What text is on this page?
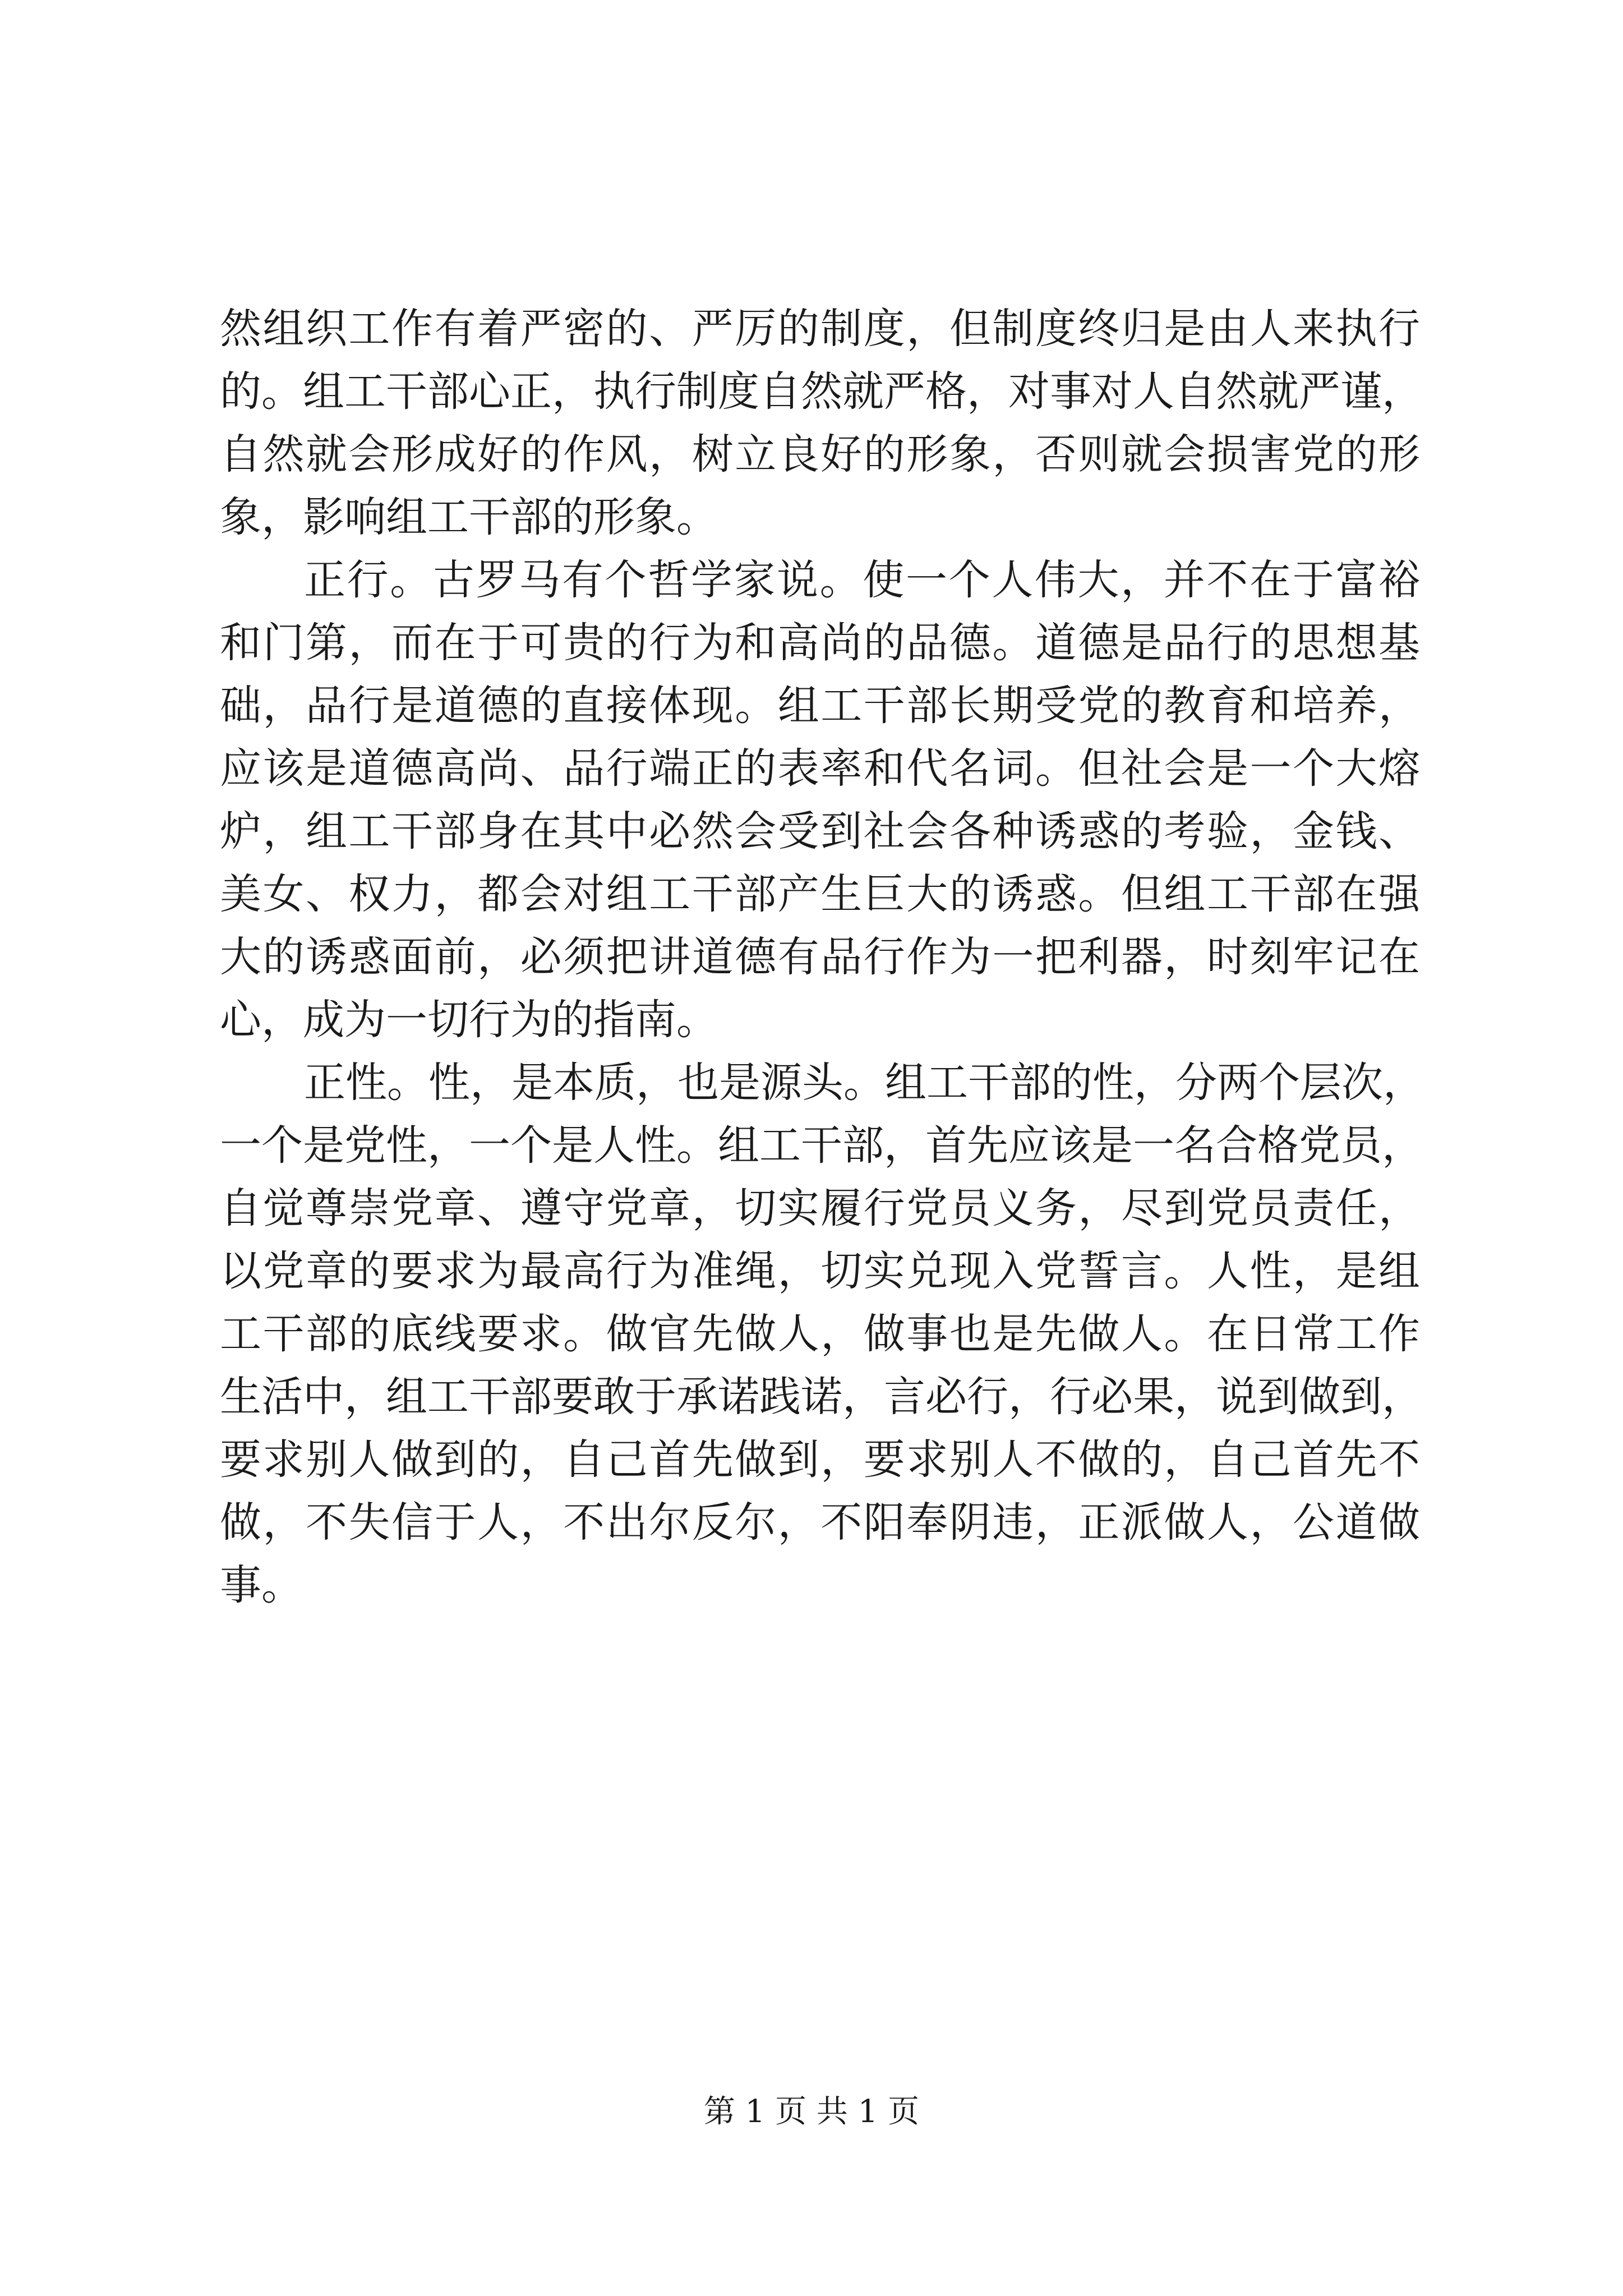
然组织工作有着严密的、严厉的制度，但制度终归是由人来执行
的。组工干部心正，执行制度自然就严格，对事对人自然就严谨，
自然就会形成好的作风，树立良好的形象，否则就会损害党的形
象，影响组工干部的形象。
正行。古罗马有个哲学家说。使一个人伟大，并不在于富裕
和门第，而在于可贵的行为和高尚的品德。道德是品行的思想基
础，品行是道德的直接体现。组工干部长期受党的教育和培养，
应该是道德高尚、品行端正的表率和代名词。但社会是一个大熔
炉，组工干部身在其中必然会受到社会各种诱惑的考验，金钱、
美女、权力，都会对组工干部产生巨大的诱惑。但组工干部在强
大的诱惑面前，必须把讲道德有品行作为一把利器，时刻牢记在
心，成为一切行为的指南。
正性。性，是本质，也是源头。组工干部的性，分两个层次，
一个是党性，一个是人性。组工干部，首先应该是一名合格党员，
自觉尊崇党章、遵守党章，切实履行党员义务，尽到党员责任，
以党章的要求为最高行为准绳，切实兑现入党誓言。人性，是组
工干部的底线要求。做官先做人，做事也是先做人。在日常工作
生活中，组工干部要敢于承诺践诺，言必行，行必果，说到做到，
要求别人做到的，自己首先做到，要求别人不做的，自己首先不
做，不失信于人，不出尔反尔，不阳奉阴违，正派做人，公道做
事。
第 1 页 共 1 页
